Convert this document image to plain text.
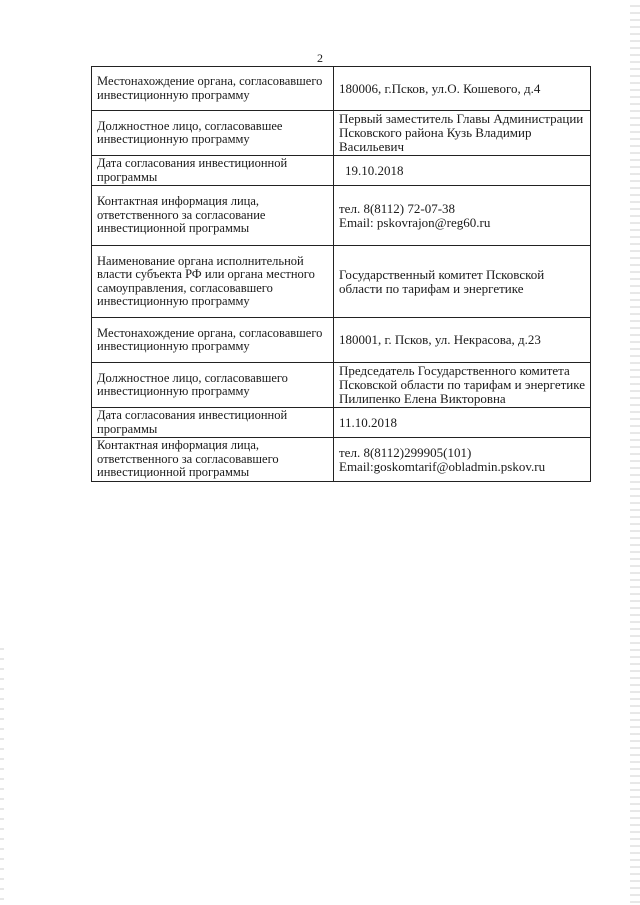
2
Местонахождение органа, согласовавшего инвестиционную программу	180006, г.Псков, ул.О. Кошевого, д.4
Должностное лицо, согласовавшее инвестиционную программу	Первый заместитель Главы Администрации Псковского района Кузь Владимир Васильевич
Дата согласования инвестиционной программы	19.10.2018
Контактная информация лица, ответственного за согласование инвестиционной программы	тел. 8(8112) 72-07-38
Email: pskovrajon@reg60.ru

Наименование органа исполнительной власти субъекта РФ или органа местного самоуправления, согласовавшего инвестиционную программу	Государственный комитет Псковской области по тарифам и энергетике
Местонахождение органа, согласовавшего инвестиционную программу	180001, г. Псков, ул. Некрасова, д.23
Должностное лицо, согласовавшего инвестиционную программу	Председатель Государственного комитета Псковской области по тарифам и энергетике Пилипенко Елена Викторовна
Дата согласования инвестиционной программы	11.10.2018
Контактная информация лица, ответственного за согласовавшего инвестиционной программы	тел. 8(8112)299905(101)
Email:goskomtarif@obladmin.pskov.ru
